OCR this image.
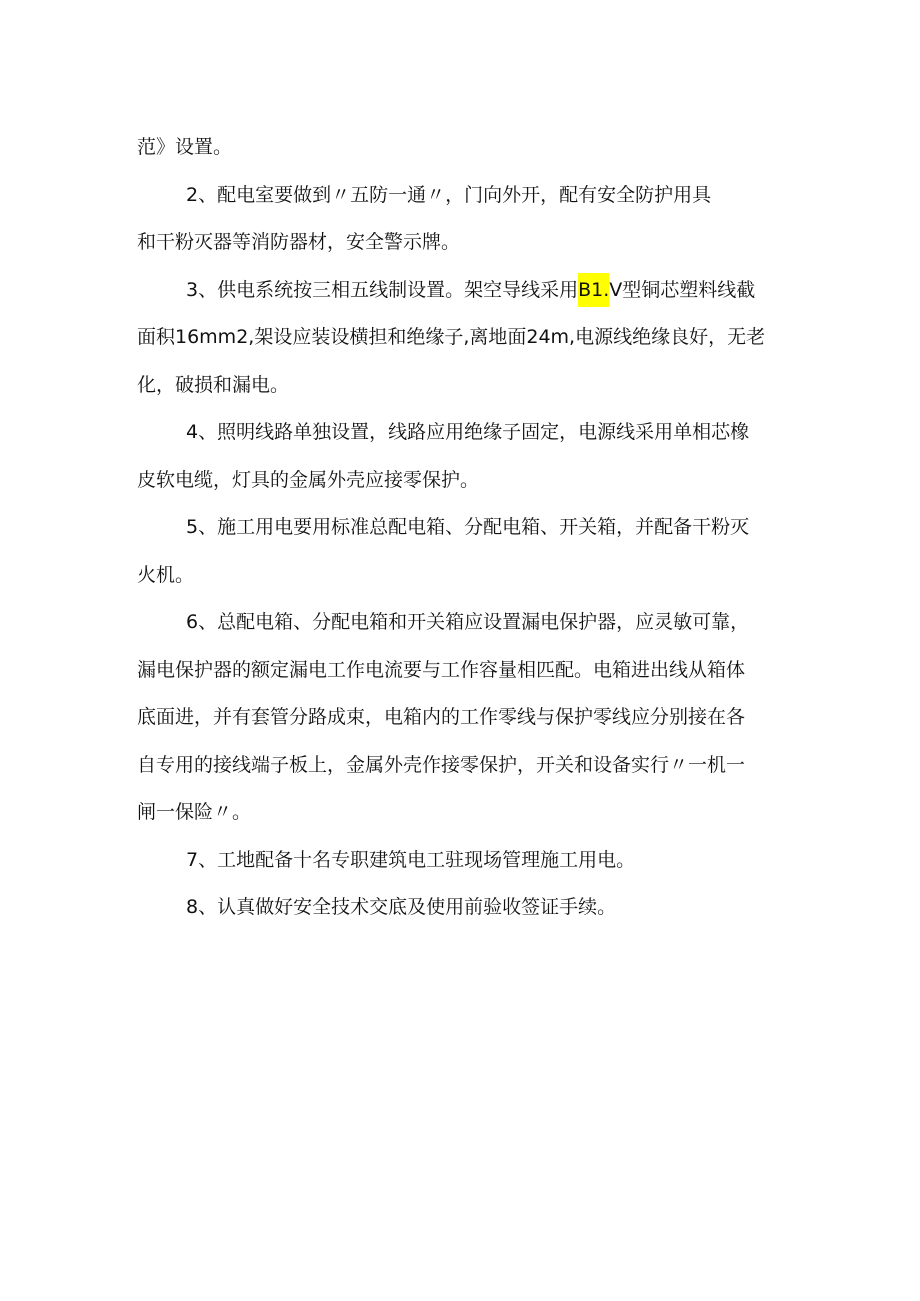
范》设置。

2、配电室要做到〃五防一通〃，门向外开，配有安全防护用具
和干粉灭器等消防器材，安全警示牌。

3、供电系统按三相五线制设置。架空导线采用B1.V型铜芯塑料线截
面积16mm2,架设应装设横担和绝缘子,离地面24m,电源线绝缘良好，无老
化，破损和漏电。

4、照明线路单独设置，线路应用绝缘子固定，电源线采用单相芯橡
皮软电缆，灯具的金属外壳应接零保护。

5、施工用电要用标准总配电箱、分配电箱、开关箱，并配备干粉灭
火机。

6、总配电箱、分配电箱和开关箱应设置漏电保护器，应灵敏可靠，
漏电保护器的额定漏电工作电流要与工作容量相匹配。电箱进出线从箱体
底面进，并有套管分路成束，电箱内的工作零线与保护零线应分别接在各
自专用的接线端子板上，金属外壳作接零保护，开关和设备实行〃一机一
闸一保险〃。

7、工地配备十名专职建筑电工驻现场管理施工用电。

8、认真做好安全技术交底及使用前验收签证手续。
